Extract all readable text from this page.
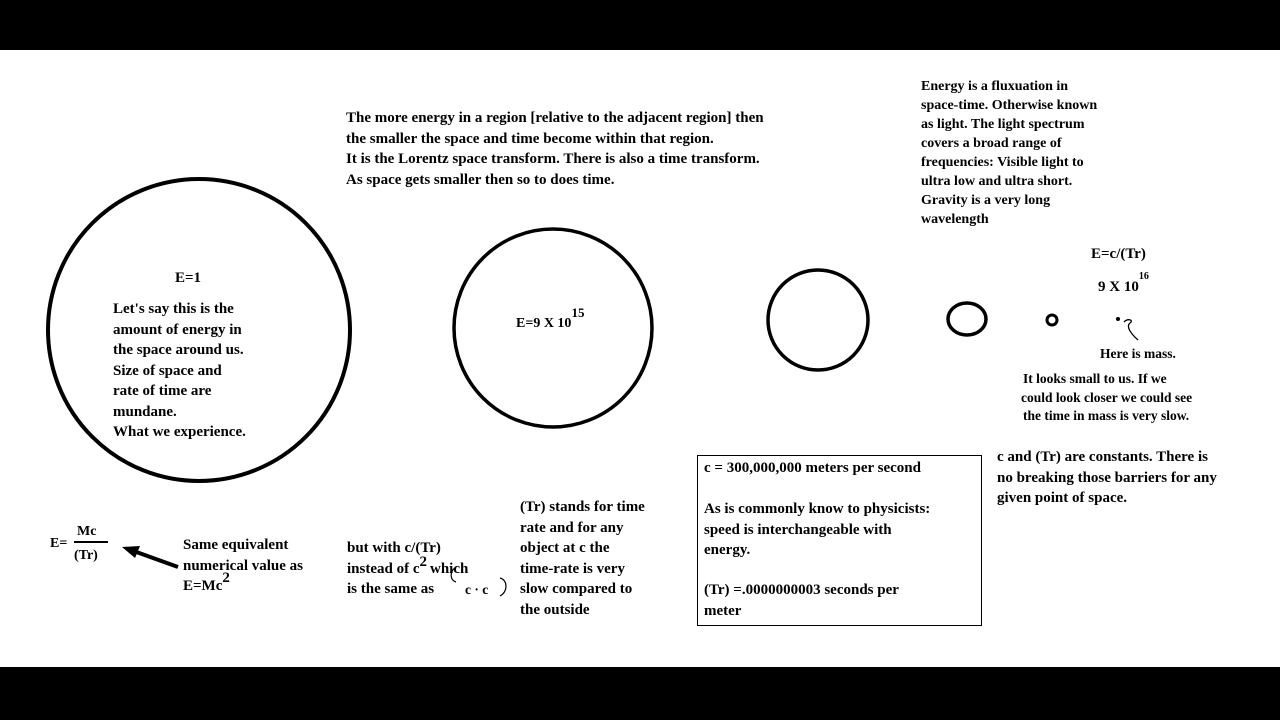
The more energy in a region [relative to the adjacent region] then
the smaller the space and time become within that region.
It is the Lorentz space transform. There is also a time transform.
As space gets smaller then so to does time.
Energy is a fluxuation in
space-time. Otherwise known
as light. The light spectrum
covers a broad range of
frequencies: Visible light to
ultra low and ultra short.
Gravity is a very long
wavelength
E=1
Let's say this is the
amount of energy in
the space around us.
Size of space and
rate of time are
mundane.
What we experience.
E=9 X $10^{15}$
E=c/(Tr)
9 X $10^{16}$
Here is mass.
It looks small to us. If we
could look closer we could see
the time in mass is very slow.
E=
Mc
(Tr)
Same equivalent
numerical value as
$E=Mc^2$
but with c/(Tr)
instead of $c^2$ which
is the same as	c · c
(Tr) stands for time
rate and for any
object at c the
time-rate is very
slow compared to
the outside
c = 300,000,000 meters per second
As is commonly know to physicists:
speed is interchangeable with
energy.
(Tr) =.0000000003 seconds per
meter
c and (Tr) are constants. There is
no breaking those barriers for any
given point of space.
